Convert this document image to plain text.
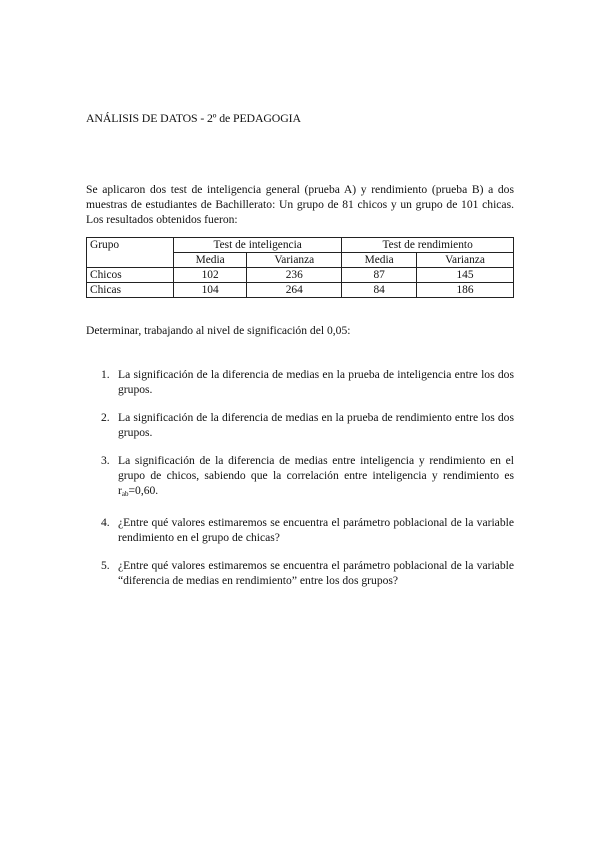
ANÁLISIS DE DATOS - 2º de PEDAGOGIA

Se aplicaron dos test de inteligencia general (prueba A) y rendimiento (prueba B) a dos muestras de estudiantes de Bachillerato: Un grupo de 81 chicos y un grupo de 101 chicas. Los resultados obtenidos fueron:

Grupo	Test de inteligencia		Test de rendimiento	
	Media	Varianza	Media	Varianza
Chicos	102	236	87	145
Chicas	104	264	84	186
Determinar, trabajando al nivel de significación del 0,05:
1. La significación de la diferencia de medias en la prueba de inteligencia entre los dos grupos.
2. La significación de la diferencia de medias en la prueba de rendimiento entre los dos grupos.
3. La significación de la diferencia de medias entre inteligencia y rendimiento en el grupo de chicos, sabiendo que la correlación entre inteligencia y rendimiento es $r_{ab}=0,60$.
4. ¿Entre qué valores estimaremos se encuentra el parámetro poblacional de la variable rendimiento en el grupo de chicas?
5. ¿Entre qué valores estimaremos se encuentra el parámetro poblacional de la variable “diferencia de medias en rendimiento” entre los dos grupos?
